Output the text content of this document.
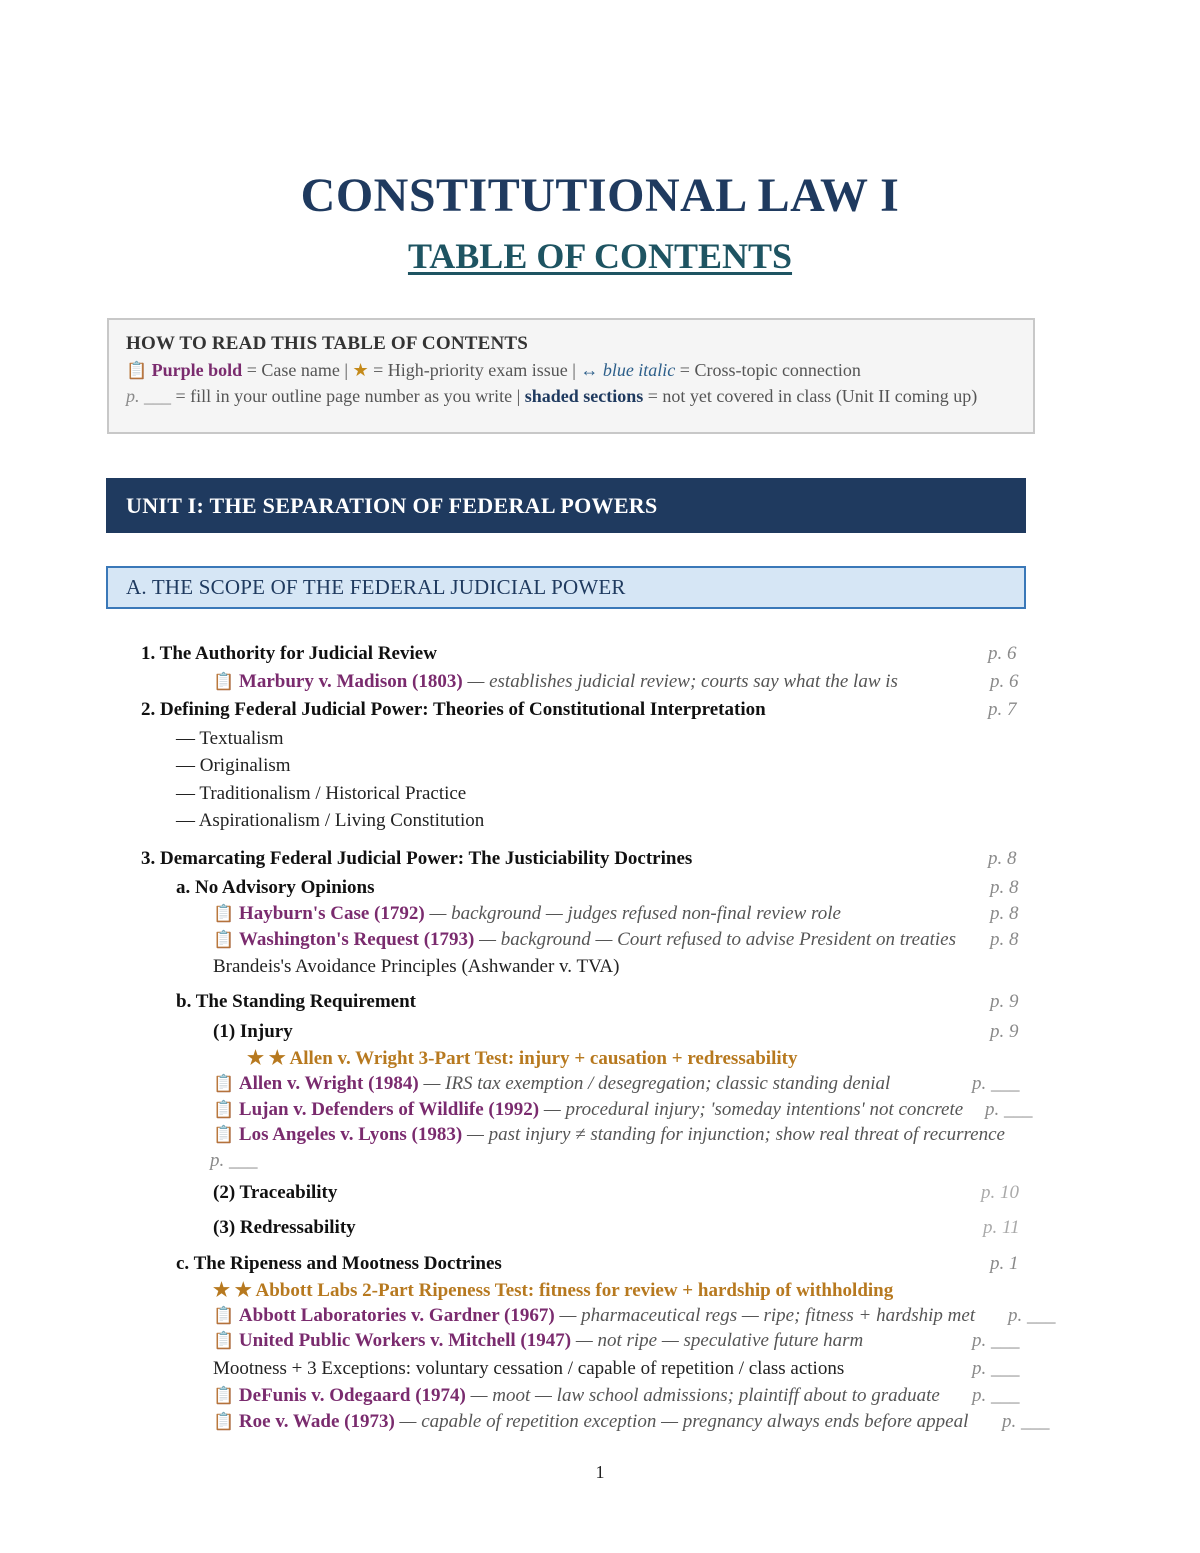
CONSTITUTIONAL LAW I
TABLE OF CONTENTS
HOW TO READ THIS TABLE OF CONTENTS
📋 Purple bold = Case name | ★ = High-priority exam issue | ↔ blue italic = Cross-topic connection
p. ___ = fill in your outline page number as you write | shaded sections = not yet covered in class (Unit II coming up)
UNIT I: THE SEPARATION OF FEDERAL POWERS
A. THE SCOPE OF THE FEDERAL JUDICIAL POWER
1. The Authority for Judicial Review	p. 6
📋 Marbury v. Madison (1803) — establishes judicial review; courts say what the law is	p. 6
2. Defining Federal Judicial Power: Theories of Constitutional Interpretation	p. 7
— Textualism
— Originalism
— Traditionalism / Historical Practice
— Aspirationalism / Living Constitution
3. Demarcating Federal Judicial Power: The Justiciability Doctrines	p. 8
a. No Advisory Opinions	p. 8
📋 Hayburn's Case (1792) — background — judges refused non-final review role	p. 8
📋 Washington's Request (1793) — background — Court refused to advise President on treaties p. 8
Brandeis's Avoidance Principles (Ashwander v. TVA)
b. The Standing Requirement	p. 9
(1) Injury	p. 9
★ ★ Allen v. Wright 3-Part Test: injury + causation + redressability
📋 Allen v. Wright (1984) — IRS tax exemption / desegregation; classic standing denial	p. ___
📋 Lujan v. Defenders of Wildlife (1992) — procedural injury; 'someday intentions' not concrete p. ___
📋 Los Angeles v. Lyons (1983) — past injury ≠ standing for injunction; show real threat of recurrence
p. ___
(2) Traceability	p. 10
(3) Redressability	p. 11
c. The Ripeness and Mootness Doctrines	p. 1
★ ★ Abbott Labs 2-Part Ripeness Test: fitness for review + hardship of withholding
📋 Abbott Laboratories v. Gardner (1967) — pharmaceutical regs — ripe; fitness + hardship met p. ___
📋 United Public Workers v. Mitchell (1947) — not ripe — speculative future harm	p. ___
Mootness + 3 Exceptions: voluntary cessation / capable of repetition / class actions	p. ___
📋 DeFunis v. Odegaard (1974) — moot — law school admissions; plaintiff about to graduate p. ___
📋 Roe v. Wade (1973) — capable of repetition exception — pregnancy always ends before appeal p. ___
1
